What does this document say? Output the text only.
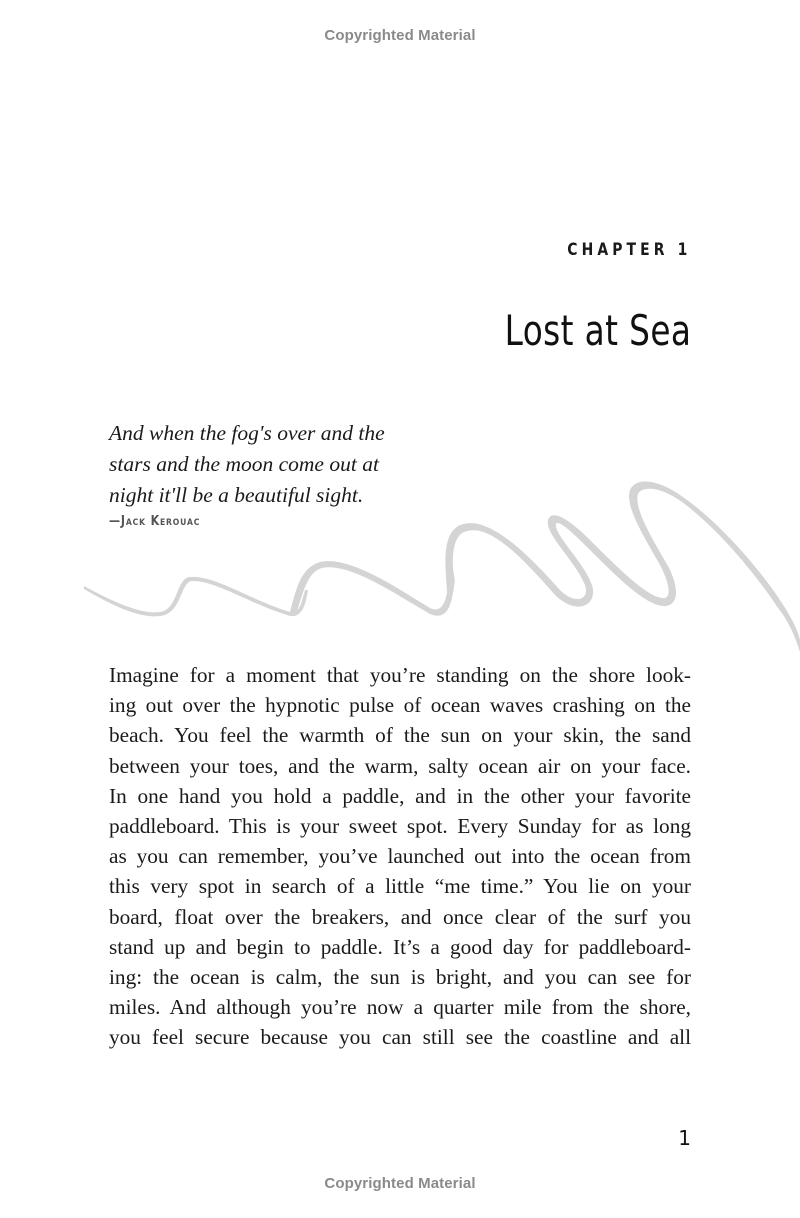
Copyrighted Material
CHAPTER 1
Lost at Sea
And when the fog's over and the
stars and the moon come out at
night it'll be a beautiful sight.
—Jack Kerouac
Imagine for a moment that you’re standing on the shore look-
ing out over the hypnotic pulse of ocean waves crashing on the
beach. You feel the warmth of the sun on your skin, the sand
between your toes, and the warm, salty ocean air on your face.
In one hand you hold a paddle, and in the other your favorite
paddleboard. This is your sweet spot. Every Sunday for as long
as you can remember, you’ve launched out into the ocean from
this very spot in search of a little “me time.” You lie on your
board, float over the breakers, and once clear of the surf you
stand up and begin to paddle. It’s a good day for paddleboard-
ing: the ocean is calm, the sun is bright, and you can see for
miles. And although you’re now a quarter mile from the shore,
you feel secure because you can still see the coastline and all
1
Copyrighted Material
